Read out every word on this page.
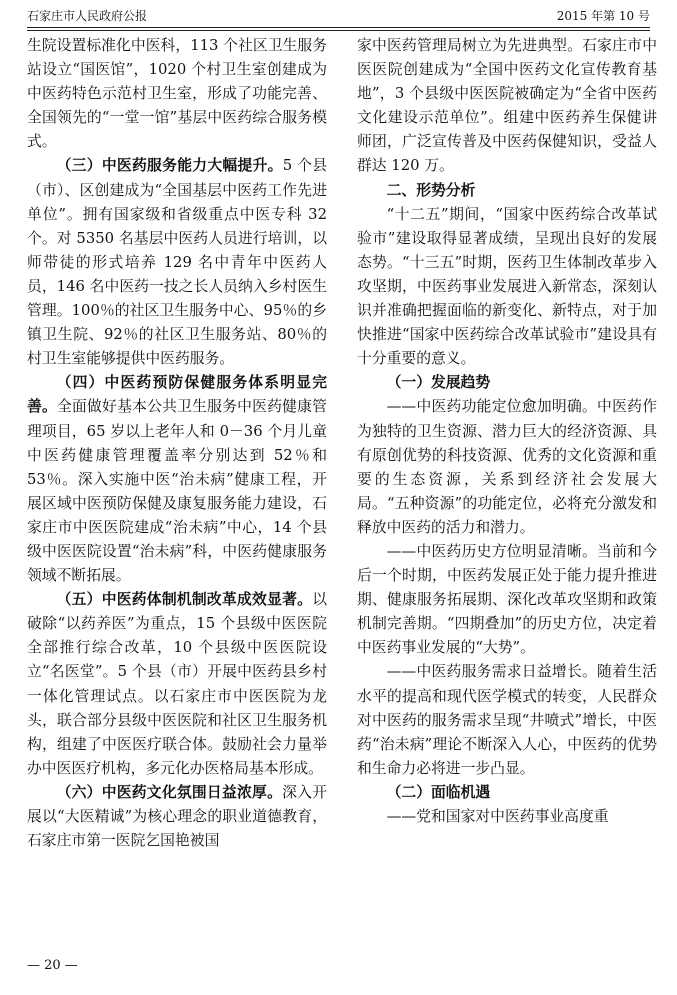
石家庄市人民政府公报	2015 年第 10 号

生院设置标准化中医科，113 个社区卫生服务站设立“国医馆”，1020 个村卫生室创建成为中医药特色示范村卫生室，形成了功能完善、全国领先的“一堂一馆”基层中医药综合服务模式。

（三）中医药服务能力大幅提升。5 个县（市）、区创建成为“全国基层中医药工作先进单位”。拥有国家级和省级重点中医专科 32 个。对 5350 名基层中医药人员进行培训，以师带徒的形式培养 129 名中青年中医药人员，146 名中医药一技之长人员纳入乡村医生管理。100％的社区卫生服务中心、95％的乡镇卫生院、92％的社区卫生服务站、80％的村卫生室能够提供中医药服务。

（四）中医药预防保健服务体系明显完善。全面做好基本公共卫生服务中医药健康管理项目，65 岁以上老年人和 0－36 个月儿童中医药健康管理覆盖率分别达到 52％和 53％。深入实施中医“治未病”健康工程，开展区域中医预防保健及康复服务能力建设，石家庄市中医医院建成“治未病”中心，14 个县级中医医院设置“治未病”科，中医药健康服务领域不断拓展。

（五）中医药体制机制改革成效显著。以破除“以药养医”为重点，15 个县级中医医院全部推行综合改革，10 个县级中医医院设立“名医堂”。5 个县（市）开展中医药县乡村一体化管理试点。以石家庄市中医医院为龙头，联合部分县级中医医院和社区卫生服务机构，组建了中医医疗联合体。鼓励社会力量举办中医医疗机构，多元化办医格局基本形成。

（六）中医药文化氛围日益浓厚。深入开展以“大医精诚”为核心理念的职业道德教育，石家庄市第一医院乞国艳被国

家中医药管理局树立为先进典型。石家庄市中医医院创建成为“全国中医药文化宣传教育基地”，3 个县级中医医院被确定为“全省中医药文化建设示范单位”。组建中医药养生保健讲师团，广泛宣传普及中医药保健知识，受益人群达 120 万。

二、形势分析

“十二五”期间，“国家中医药综合改革试验市”建设取得显著成绩，呈现出良好的发展态势。“十三五”时期，医药卫生体制改革步入攻坚期，中医药事业发展进入新常态，深刻认识并准确把握面临的新变化、新特点，对于加快推进“国家中医药综合改革试验市”建设具有十分重要的意义。

（一）发展趋势

——中医药功能定位愈加明确。中医药作为独特的卫生资源、潜力巨大的经济资源、具有原创优势的科技资源、优秀的文化资源和重要的生态资源，关系到经济社会发展大局。“五种资源”的功能定位，必将充分激发和释放中医药的活力和潜力。

——中医药历史方位明显清晰。当前和今后一个时期，中医药发展正处于能力提升推进期、健康服务拓展期、深化改革攻坚期和政策机制完善期。“四期叠加”的历史方位，决定着中医药事业发展的“大势”。

——中医药服务需求日益增长。随着生活水平的提高和现代医学模式的转变，人民群众对中医药的服务需求呈现“井喷式”增长，中医药“治未病”理论不断深入人心，中医药的优势和生命力必将进一步凸显。

（二）面临机遇

——党和国家对中医药事业高度重

— 20 —
